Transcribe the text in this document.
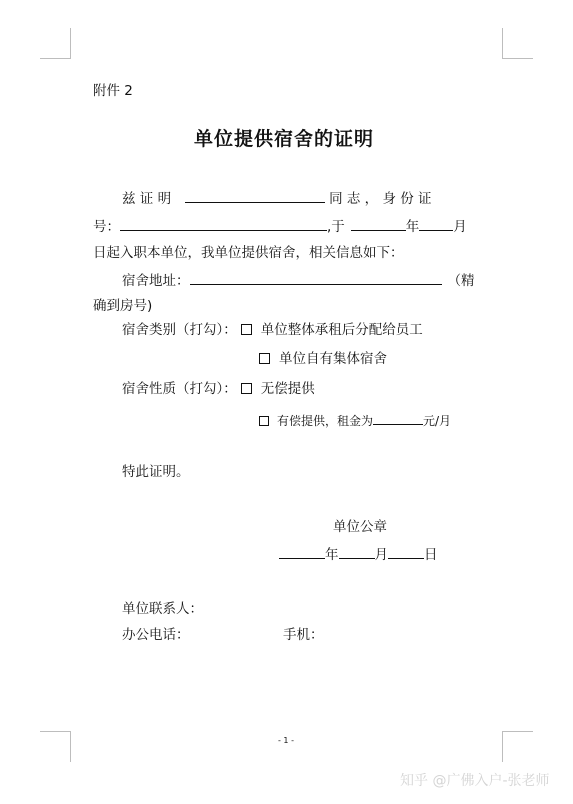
附件 2
单位提供宿舍的证明
兹 证 明	同 志 ， 身 份 证
号：	,于	年	月
日起入职本单位，我单位提供宿舍，相关信息如下：
宿舍地址：	（精
确到房号)
宿舍类别（打勾）： 单位整体承租后分配给员工
单位自有集体宿舍
宿舍性质（打勾）： 无偿提供
有偿提供，租金为	元/月
特此证明。
单位公章
年	月	日
单位联系人：
办公电话：	手机：
- 1 -
知乎 @广佛入户-张老师
